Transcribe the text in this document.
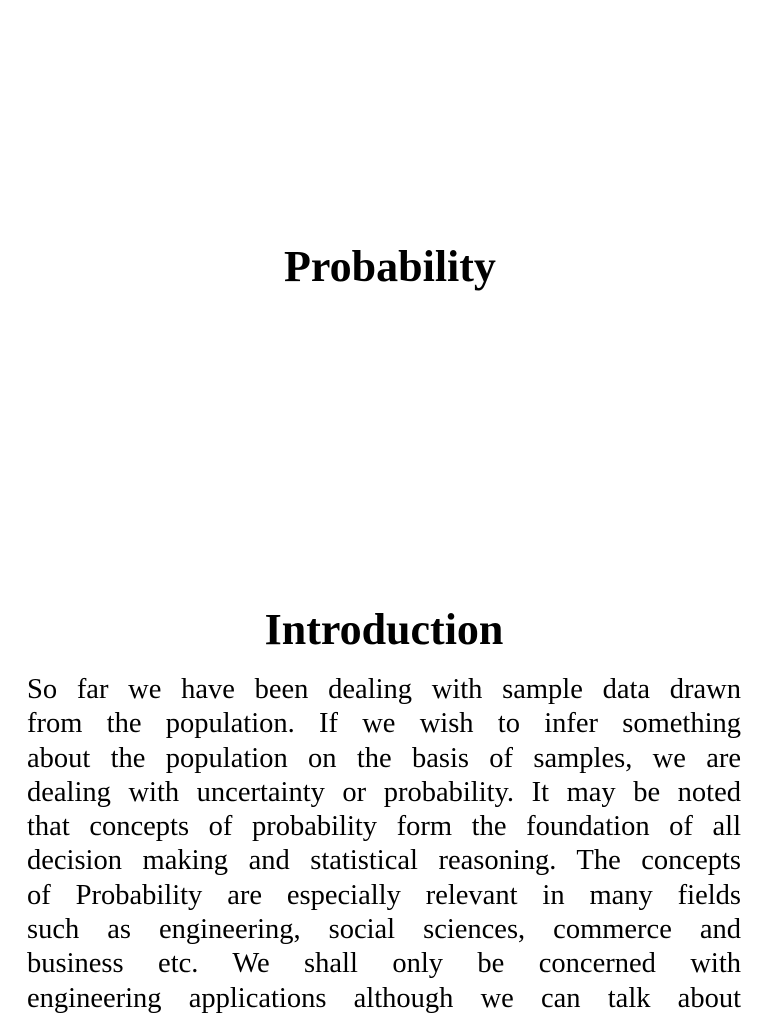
Probability
Introduction
So far we have been dealing with sample data drawn
from the population. If we wish to infer something
about the population on the basis of samples, we are
dealing with uncertainty or probability. It may be noted
that concepts of probability form the foundation of all
decision making and statistical reasoning. The concepts
of Probability are especially relevant in many fields
such as engineering, social sciences, commerce and
business etc. We shall only be concerned with
engineering applications although we can talk about
